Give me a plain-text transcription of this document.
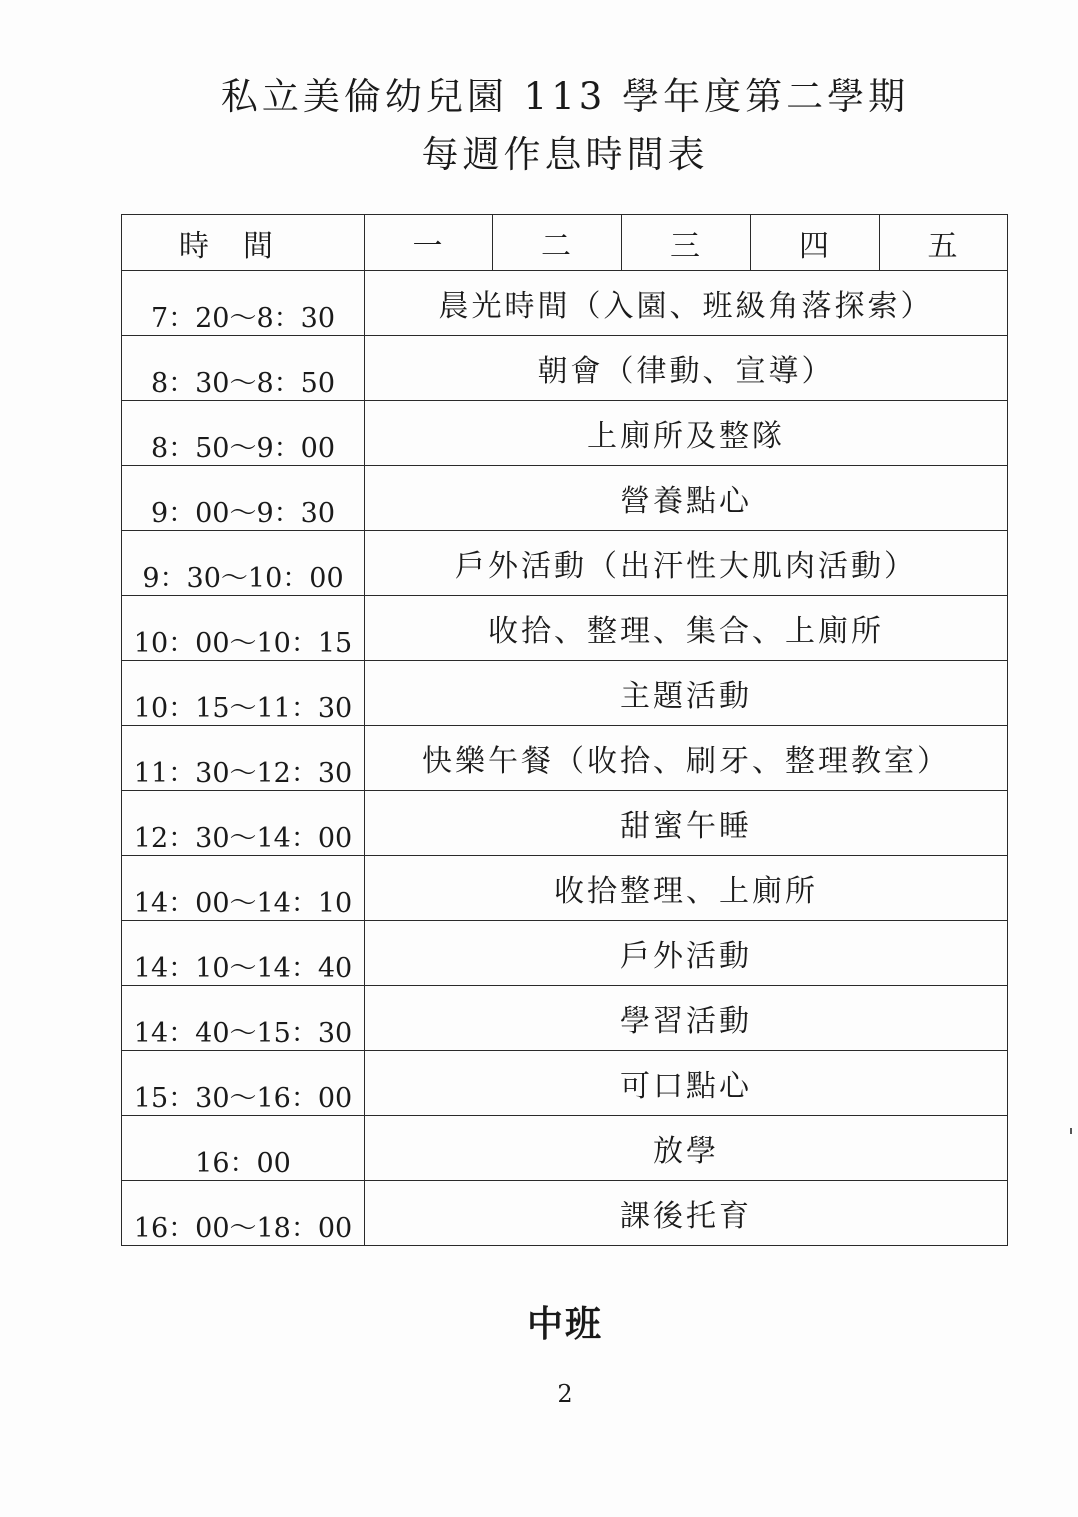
私立美倫幼兒園 113 學年度第二學期
每週作息時間表
時間	一	二	三	四	五
7：20～8：30	晨光時間（入園、班級角落探索）				
8：30～8：50	朝會（律動、宣導）				
8：50～9：00	上廁所及整隊				
9：00～9：30	營養點心				
9：30～10：00	戶外活動（出汗性大肌肉活動）				
10：00～10：15	收拾、整理、集合、上廁所				
10：15～11：30	主題活動				
11：30～12：30	快樂午餐（收拾、刷牙、整理教室）				
12：30～14：00	甜蜜午睡				
14：00～14：10	收拾整理、上廁所				
14：10～14：40	戶外活動				
14：40～15：30	學習活動				
15：30～16：00	可口點心				
16：00	放學				
16：00～18：00	課後托育				
中班
2
